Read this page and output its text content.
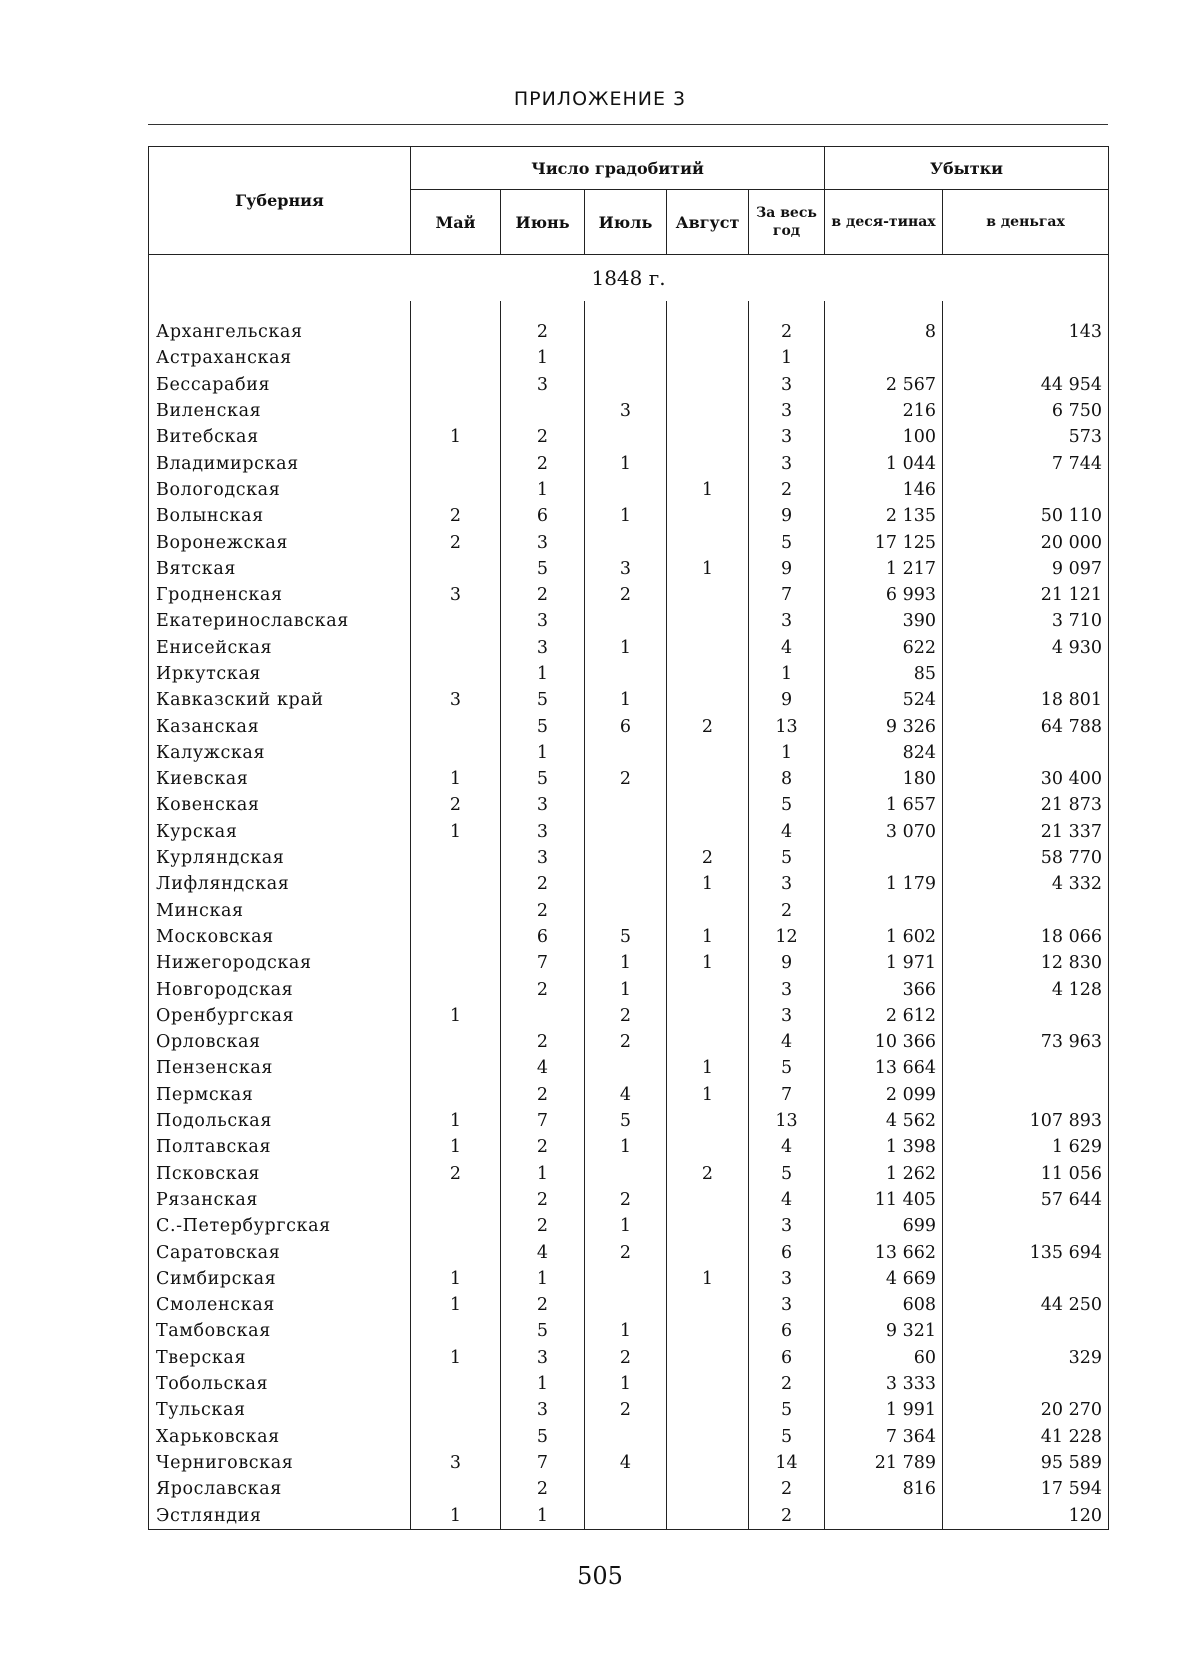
ПРИЛОЖЕНИЕ 3
Губерния	Число градобитий	Убытки
Май	Июнь	Июль	Август	За весь год	в деся-тинах	в деньгах
1848 г.

Архангельская		2			2	8	143
Астраханская		1			1		
Бессарабия		3			3	2 567	44 954
Виленская			3		3	216	6 750
Витебская	1	2			3	100	573
Владимирская		2	1		3	1 044	7 744
Вологодская		1		1	2	146	
Волынская	2	6	1		9	2 135	50 110
Воронежская	2	3			5	17 125	20 000
Вятская		5	3	1	9	1 217	9 097
Гродненская	3	2	2		7	6 993	21 121
Екатеринославская		3			3	390	3 710
Енисейская		3	1		4	622	4 930
Иркутская		1			1	85	
Кавказский край	3	5	1		9	524	18 801
Казанская		5	6	2	13	9 326	64 788
Калужская		1			1	824	
Киевская	1	5	2		8	180	30 400
Ковенская	2	3			5	1 657	21 873
Курская	1	3			4	3 070	21 337
Курляндская		3		2	5		58 770
Лифляндская		2		1	3	1 179	4 332
Минская		2			2		
Московская		6	5	1	12	1 602	18 066
Нижегородская		7	1	1	9	1 971	12 830
Новгородская		2	1		3	366	4 128
Оренбургская	1		2		3	2 612	
Орловская		2	2		4	10 366	73 963
Пензенская		4		1	5	13 664	
Пермская		2	4	1	7	2 099	
Подольская	1	7	5		13	4 562	107 893
Полтавская	1	2	1		4	1 398	1 629
Псковская	2	1		2	5	1 262	11 056
Рязанская		2	2		4	11 405	57 644
С.-Петербургская		2	1		3	699	
Саратовская		4	2		6	13 662	135 694
Симбирская	1	1		1	3	4 669	
Смоленская	1	2			3	608	44 250
Тамбовская		5	1		6	9 321	
Тверская	1	3	2		6	60	329
Тобольская		1	1		2	3 333	
Тульская		3	2		5	1 991	20 270
Харьковская		5			5	7 364	41 228
Черниговская	3	7	4		14	21 789	95 589
Ярославская		2			2	816	17 594
Эстляндия	1	1			2		120
505
